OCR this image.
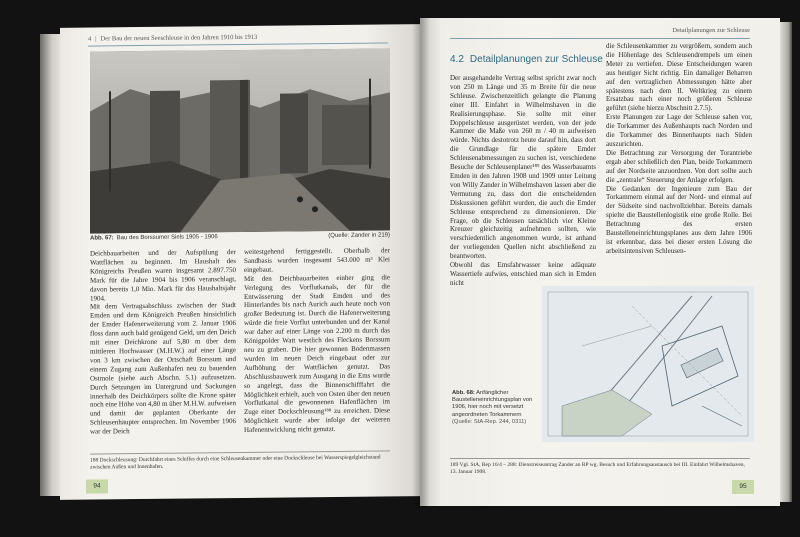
4 | Der Bau der neuen Seeschleuse in den Jahren 1910 bis 1913
Abb. 67: Bau des Borssumer Siels 1905 - 1906	(Quelle: Zander in 219)

Deichbauarbeiten und der Aufspülung der Wattflächen zu beginnen. Im Haushalt des Königreichs Preußen waren insgesamt 2.897.750 Mark für die Jahre 1904 bis 1906 veranschlagt, davon bereits 1,0 Mio. Mark für das Haushaltsjahr 1904.

Mit dem Vertragsabschluss zwischen der Stadt Emden und dem Königreich Preußen hinsichtlich der Emder Hafenerweiterung vom 2. Januar 1906 floss dann auch bald genügend Geld, um den Deich mit einer Deichkrone auf 5,80 m über dem mittleren Hochwasser (M.H.W.) auf einer Länge von 3 km zwischen der Ortschaft Borssum und einem Zugang zum Außenhafen neu zu bauenden Ostmole (siehe auch Abschn. 5.1) aufzusetzen. Durch Setzungen im Untergrund und Sackungen innerhalb des Deichkörpers sollte die Krone später noch eine Höhe von 4,80 m über M.H.W. aufweisen und damit der geplanten Oberkante der Schleusenhäupter entsprechen. Im November 1906 war der Deich

weitestgehend fertiggestellt. Oberhalb der Sandbasis wurden insgesamt 543.000 m³ Klei eingebaut.

Mit den Deichbauarbeiten einher ging die Verlegung des Vorflutkanals, der für die Entwässerung der Stadt Emden und des Hinterlandes bis nach Aurich auch heute noch von großer Bedeutung ist. Durch die Hafenerweiterung würde die freie Vorflut unterbunden und der Kanal war daher auf einer Länge von 2.200 m durch das Königpolder Watt westlich des Fleckens Borssum neu zu graben. Die hier gewonnen Bodenmassen wurden im neuen Deich eingebaut oder zur Aufhöhung der Wattflächen genutzt. Das Abschlussbauwerk zum Ausgang in die Ems wurde so angelegt, dass die Binnenschifffahrt die Möglichkeit erhielt, auch von Osten über den neuen Vorflutkanal die gewonnenen Hafenflächen im Zuge einer Dockschleusung¹⁸⁸ zu erreichen. Diese Möglichkeit wurde aber infolge der weiteren Hafenentwicklung nicht genutzt.

188 Dockschleusung: Durchfahrt eines Schiffes durch eine Schleusenkammer oder eine Dockschleuse bei Wasserspiegelgleichstand zwischen Außen und Innenhafen.
94
Detailplanungen zur Schleuse
4.2 Detailplanungen zur Schleuse

Der ausgehandelte Vertrag selbst spricht zwar noch von 250 m Länge und 35 m Breite für die neue Schleuse. Zwischenzeitlich gelangte die Planung einer III. Einfahrt in Wilhelmshaven in die Realisierungsphase. Sie sollte mit einer Doppelschleuse ausgerüstet werden, von der jede Kammer die Maße von 260 m / 40 m aufweisen würde. Nichts destotrotz heute darauf hin, dass dort die Grundlage für die spätere Emder Schleusenabmessungen zu suchen ist, verschiedene Besuche der Schleusenplaner¹⁸⁹ des Wasserbauamts Emden in den Jahren 1908 und 1909 unter Leitung von Willy Zander in Wilhelmshaven lassen aber die Vermutung zu, dass dort die entscheidenden Diskussionen geführt wurden, die auch die Emder Schleuse entsprechend zu dimensionieren. Die Frage, ob die Schleusen tatsächlich vier Kleine Kreuzer gleichzeitig aufnehmen sollten, wie verschiedentlich angenommen wurde, ist anhand der vorliegenden Quellen nicht abschließend zu beantworten.

Obwohl das Emsfahrwasser keine adäquate Wassertiefe aufwies, entschied man sich in Emden nicht

die Schleusenkammer zu vergrößern, sondern auch die Höhenlage des Schleusendrempels um einen Meter zu vertiefen. Diese Entscheidungen waren aus heutiger Sicht richtig. Ein damaliger Beharren auf den vertraglichen Abmessungen hätte aber spätestens nach dem II. Weltkrieg zu einem Ersatzbau nach einer noch größeren Schleuse geführt (siehe hierzu Abschnitt 2.7.5).

Erste Planungen zur Lage der Schleuse sahen vor, die Torkammer des Außenhaupts nach Norden und die Torkammer des Binnenhaupts nach Süden auszurichten.

Die Betrachtung zur Versorgung der Torantriebe ergab aber schließlich den Plan, beide Torkammern auf der Nordseite anzuordnen. Von dort sollte auch die „zentrale“ Steuerung der Anlage erfolgen.

Die Gedanken der Ingenieure zum Bau der Torkammern einmal auf der Nord- und einmal auf der Südseite sind nachvollziehbar. Bereits damals spielte die Baustellenlogistik eine große Rolle. Bei Betrachtung des ersten Baustelleneinrichtungsplanes aus dem Jahre 1906 ist erkennbar, dass bei dieser ersten Lösung die arbeitsintensiven Schleusen-

Abb. 68: Anfänglicher Baustelleneinrichtungsplan von 1906, hier noch mit versetzt angeordneten Torkammern
(Quelle: StA-Rep. 244, 0311)
189 Vgl. StA, Rep 16/4 – 288: Dienstreiseantrag Zander an RP wg. Besuch und Erfahrungsaustausch bei III. Einfahrt Wilhelmshaven, 13. Januar 1908.
95
